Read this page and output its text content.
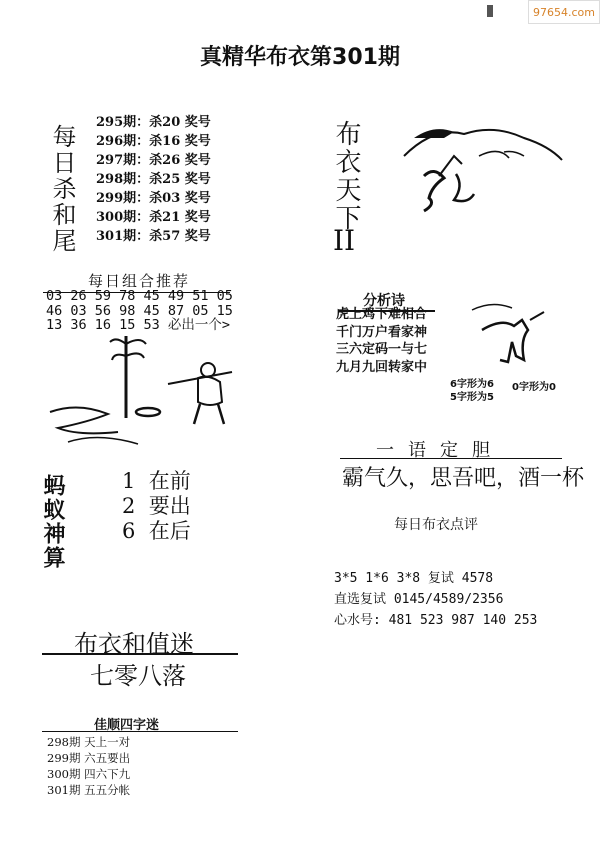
97654.com
真精华布衣第301期
每日杀和尾
295期：杀20 奖号
296期：杀16 奖号
297期：杀26 奖号
298期：杀25 奖号
299期：杀03 奖号
300期：杀21 奖号
301期：杀57 奖号
布衣天下
II
每日组合推荐
03 26 59 78 45 49 51 05
46 03 56 98 45 87 05 15
13 36 16 15 53 必出一个>
分析诗
虎上鸡下难相合
千门万户看家神
三六定码一与七
九月九回转家中
6字形为6
5字形为5
0字形为0
蚂蚁神算	1 在前
2 要出
6 在后
一语定胆
霸气久，思吾吧，酒一杯
每日布衣点评
3*5 1*6 3*8 复试 4578
直选复试 0145/4589/2356
心水号: 481 523 987 140 253
布衣和值迷
七零八落
佳顺四字迷
298期 天上一对
299期 六五要出
300期 四六下九
301期 五五分帐
